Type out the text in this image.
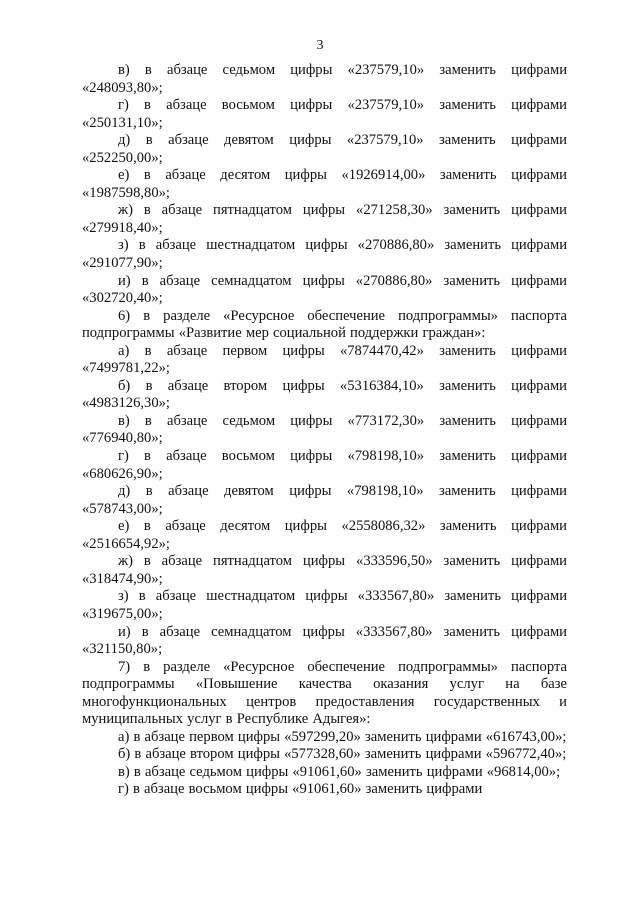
3

в) в абзаце седьмом цифры «237579,10» заменить цифрами «248093,80»;

г) в абзаце восьмом цифры «237579,10» заменить цифрами «250131,10»;

д) в абзаце девятом цифры «237579,10» заменить цифрами «252250,00»;

е) в абзаце десятом цифры «1926914,00» заменить цифрами «1987598,80»;

ж) в абзаце пятнадцатом цифры «271258,30» заменить цифрами «279918,40»;

з) в абзаце шестнадцатом цифры «270886,80» заменить цифрами «291077,90»;

и) в абзаце семнадцатом цифры «270886,80» заменить цифрами «302720,40»;

6) в разделе «Ресурсное обеспечение подпрограммы» паспорта подпрограммы «Развитие мер социальной поддержки граждан»:

а) в абзаце первом цифры «7874470,42» заменить цифрами «7499781,22»;

б) в абзаце втором цифры «5316384,10» заменить цифрами «4983126,30»;

в) в абзаце седьмом цифры «773172,30» заменить цифрами «776940,80»;

г) в абзаце восьмом цифры «798198,10» заменить цифрами «680626,90»;

д) в абзаце девятом цифры «798198,10» заменить цифрами «578743,00»;

е) в абзаце десятом цифры «2558086,32» заменить цифрами «2516654,92»;

ж) в абзаце пятнадцатом цифры «333596,50» заменить цифрами «318474,90»;

з) в абзаце шестнадцатом цифры «333567,80» заменить цифрами «319675,00»;

и) в абзаце семнадцатом цифры «333567,80» заменить цифрами «321150,80»;

7) в разделе «Ресурсное обеспечение подпрограммы» паспорта подпрограммы «Повышение качества оказания услуг на базе многофункциональных центров предоставления государственных и муниципальных услуг в Республике Адыгея»:

а) в абзаце первом цифры «597299,20» заменить цифрами «616743,00»;

б) в абзаце втором цифры «577328,60» заменить цифрами «596772,40»;

в) в абзаце седьмом цифры «91061,60» заменить цифрами «96814,00»;

г) в абзаце восьмом цифры «91061,60» заменить цифрами
